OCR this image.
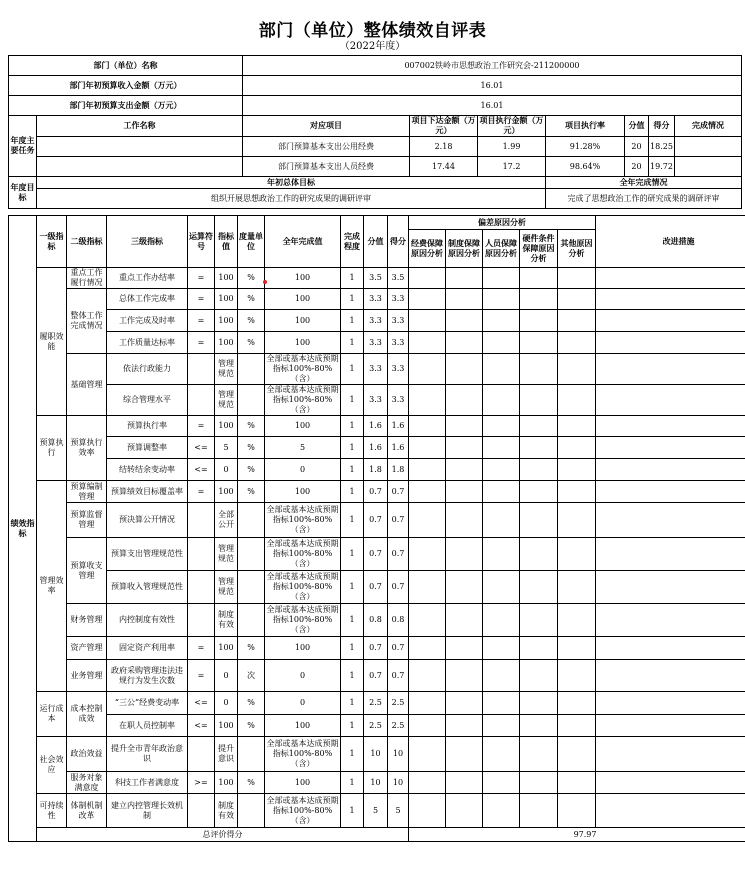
部门（单位）整体绩效自评表
（2022年度）
部门（单位）名称		007002铁岭市思想政治工作研究会-211200000						
部门年初预算收入金额（万元）		16.01						
部门年初预算支出金额（万元）		16.01						
年度主要任务	工作名称	对应项目	项目下达金额（万元）	项目执行金额（万元）	项目执行率	分值	得分	完成情况
		部门预算基本支出公用经费	2.18	1.99	91.28%	20	18.25	
		部门预算基本支出人员经费	17.44	17.2	98.64%	20	19.72	
年度目标	年初总体目标				全年完成情况			
	组织开展思想政治工作的研究成果的调研评审				完成了思想政治工作的研究成果的调研评审			
绩效指标	一级指标	二级指标	三级指标	运算符号	指标值	度量单位	全年完成值	完成程度	分值	得分	偏差原因分析					改进措施
											经费保障原因分析	制度保障原因分析	人员保障原因分析	硬件条件保障原因分析	其他原因分析	
	履职效能	重点工作履行情况	重点工作办结率	=	100	%	100	1	3.5	3.5						
		整体工作完成情况	总体工作完成率	=	100	%	100	1	3.3	3.3						
			工作完成及时率	=	100	%	100	1	3.3	3.3						
			工作质量达标率	=	100	%	100	1	3.3	3.3						
		基础管理	依法行政能力		管理规范		全部或基本达成预期指标100%-80%（含）	1	3.3	3.3						
			综合管理水平		管理规范		全部或基本达成预期指标100%-80%（含）	1	3.3	3.3						
	预算执行	预算执行效率	预算执行率	=	100	%	100	1	1.6	1.6						
			预算调整率	<=	5	%	5	1	1.6	1.6						
			结转结余变动率	<=	0	%	0	1	1.8	1.8						
	管理效率	预算编制管理	预算绩效目标覆盖率	=	100	%	100	1	0.7	0.7						
		预算监督管理	预决算公开情况		全部公开		全部或基本达成预期指标100%-80%（含）	1	0.7	0.7						
		预算收支管理	预算支出管理规范性		管理规范		全部或基本达成预期指标100%-80%（含）	1	0.7	0.7						
			预算收入管理规范性		管理规范		全部或基本达成预期指标100%-80%（含）	1	0.7	0.7						
		财务管理	内控制度有效性		制度有效		全部或基本达成预期指标100%-80%（含）	1	0.8	0.8						
		资产管理	固定资产利用率	=	100	%	100	1	0.7	0.7						
		业务管理	政府采购管理违法违规行为发生次数	=	0	次	0	1	0.7	0.7						
	运行成本	成本控制成效	“三公”经费变动率	<=	0	%	0	1	2.5	2.5						
			在职人员控制率	<=	100	%	100	1	2.5	2.5						
	社会效应	政治效益	提升全市青年政治意识		提升意识		全部或基本达成预期指标100%-80%（含）	1	10	10						
		服务对象满意度	科技工作者满意度	>=	100	%	100	1	10	10						
	可持续性	体制机制改革	建立内控管理长效机制		制度有效		全部或基本达成预期指标100%-80%（含）	1	5	5						
	总评价得分										97.97					
